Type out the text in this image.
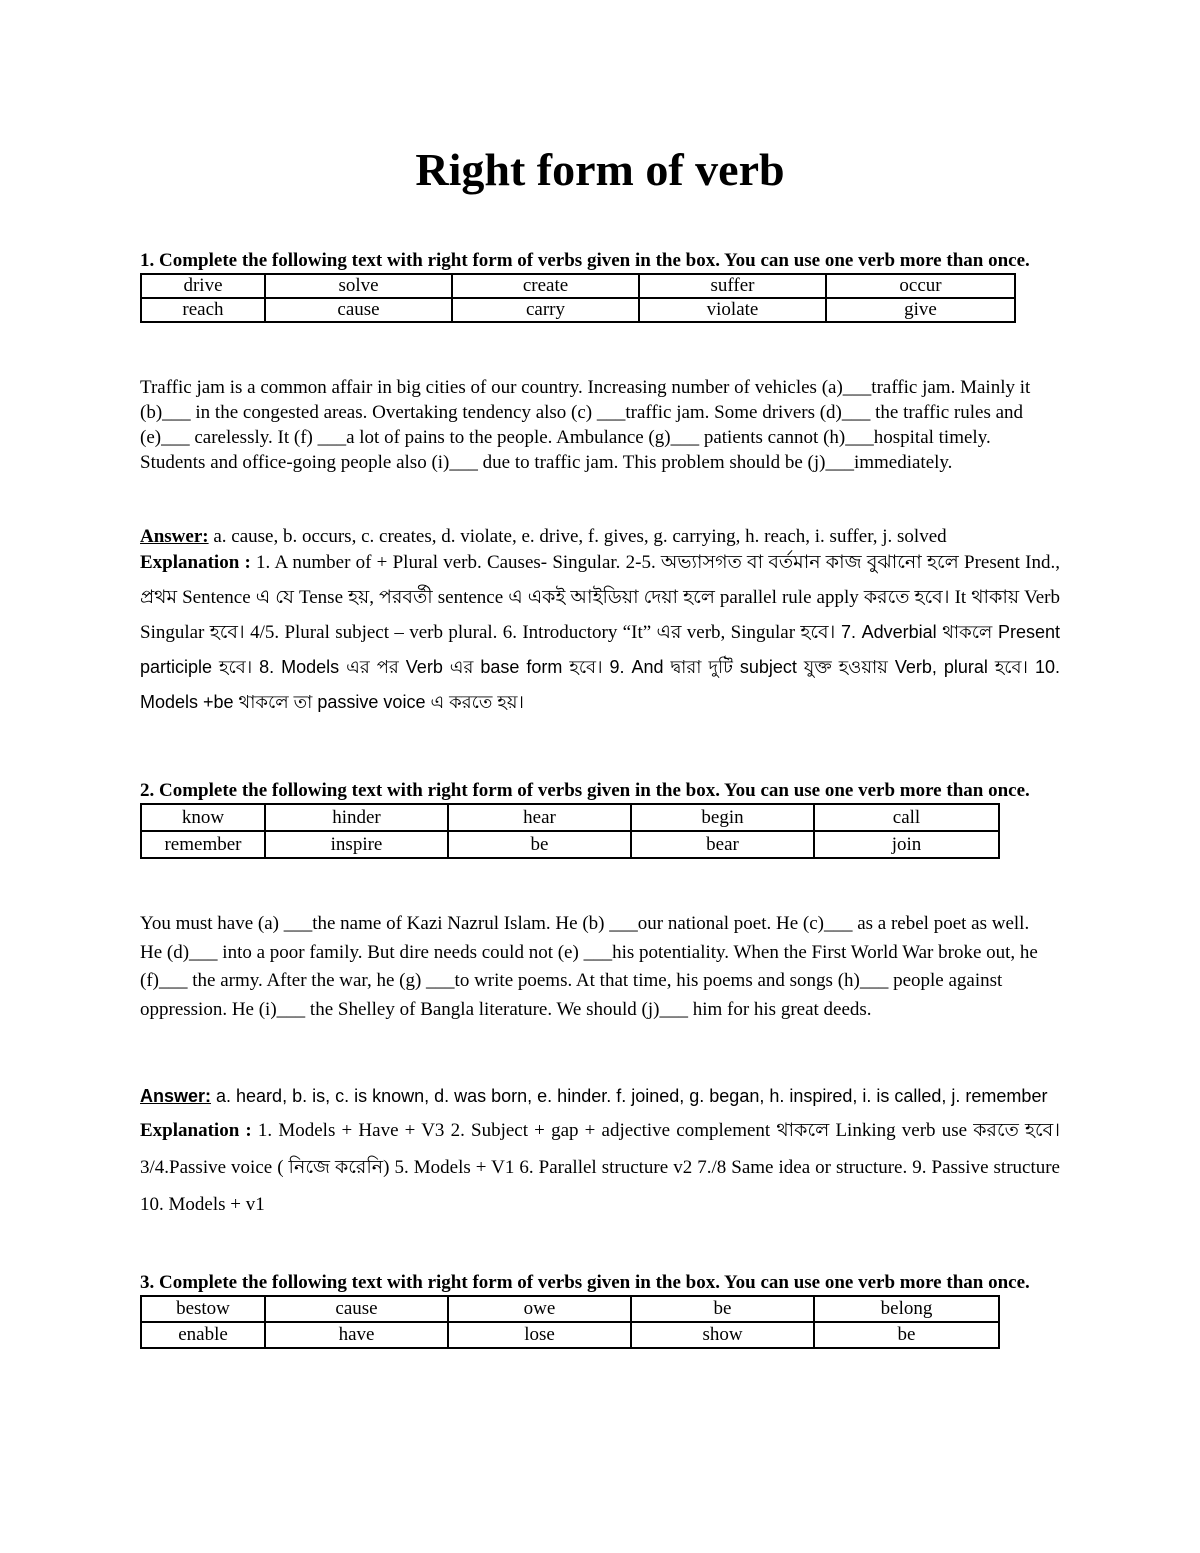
Right form of verb

1. Complete the following text with right form of verbs given in the box. You can use one verb more than once.

drive	solve	create	suffer	occur
reach	cause	carry	violate	give

Traffic jam is a common affair in big cities of our country. Increasing number of vehicles (a)___traffic jam. Mainly it (b)___ in the congested areas. Overtaking tendency also (c) ___traffic jam. Some drivers (d)___ the traffic rules and (e)___ carelessly. It (f) ___a lot of pains to the people. Ambulance (g)___ patients cannot (h)___hospital timely. Students and office-going people also (i)___ due to traffic jam. This problem should be (j)___immediately.

Answer: a. cause, b. occurs, c. creates, d. violate, e. drive, f. gives, g. carrying, h. reach, i. suffer, j. solved

Explanation : 1. A number of + Plural verb. Causes- Singular. 2-5. অভ্যাসগত বা বর্তমান কাজ বুঝানো হলে Present Ind., প্রথম Sentence এ যে Tense হয়, পরবর্তী sentence এ একই আইডিয়া দেয়া হলে parallel rule apply করতে হবে। It থাকায় Verb Singular হবে। 4/5. Plural subject – verb plural. 6. Introductory “It” এর verb, Singular হবে। 7. Adverbial থাকলে Present participle হবে। 8. Models এর পর Verb এর base form হবে। 9. And দ্বারা দুটি subject যুক্ত হওয়ায় Verb, plural হবে। 10. Models +be থাকলে তা passive voice এ করতে হয়।

2. Complete the following text with right form of verbs given in the box. You can use one verb more than once.

know	hinder	hear	begin	call
remember	inspire	be	bear	join

You must have (a) ___the name of Kazi Nazrul Islam. He (b) ___our national poet. He (c)___ as a rebel poet as well. He (d)___ into a poor family. But dire needs could not (e) ___his potentiality. When the First World War broke out, he (f)___ the army. After the war, he (g) ___to write poems. At that time, his poems and songs (h)___ people against oppression. He (i)___ the Shelley of Bangla literature. We should (j)___ him for his great deeds.

Answer: a. heard, b. is, c. is known, d. was born, e. hinder. f. joined, g. began, h. inspired, i. is called, j. remember

Explanation : 1. Models + Have + V3 2. Subject + gap + adjective complement থাকলে Linking verb use করতে হবে। 3/4.Passive voice ( নিজে করেনি) 5. Models + V1 6. Parallel structure v2 7./8 Same idea or structure. 9. Passive structure 10. Models + v1

3. Complete the following text with right form of verbs given in the box. You can use one verb more than once.

bestow	cause	owe	be	belong
enable	have	lose	show	be
